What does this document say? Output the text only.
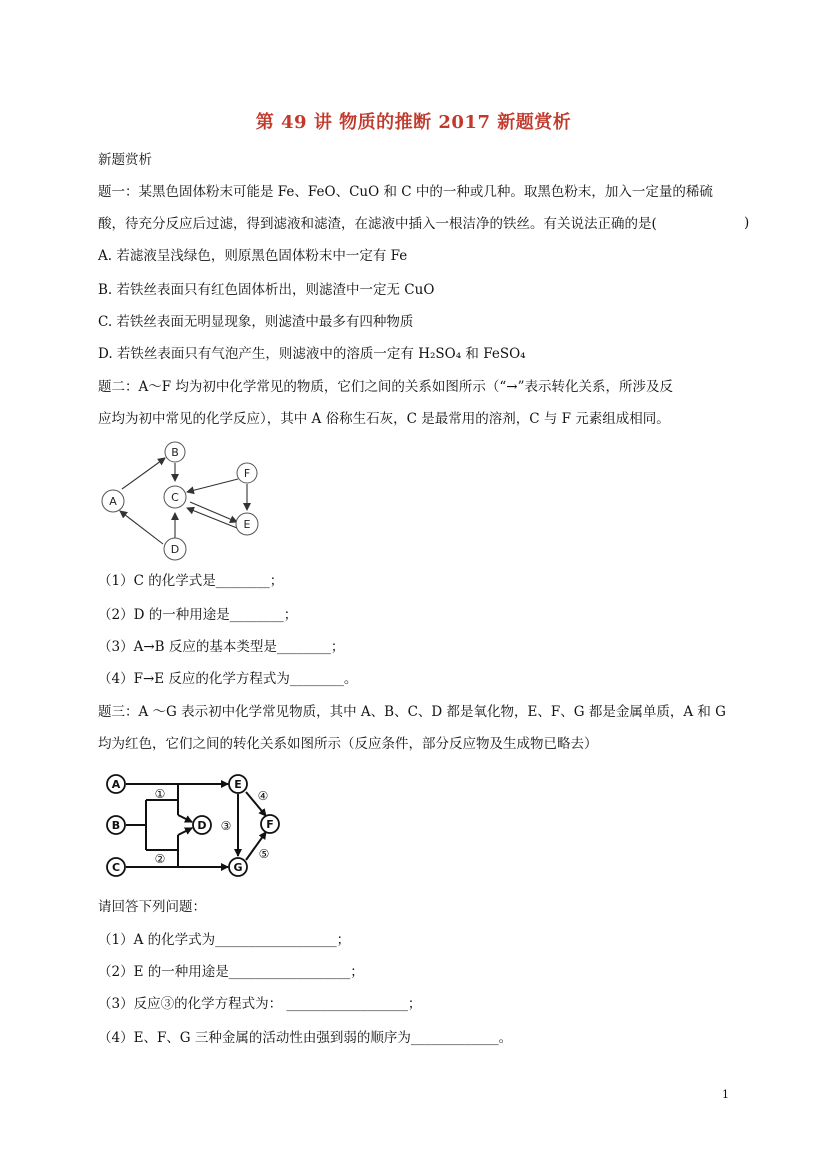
第 49 讲 物质的推断 2017 新题赏析
新题赏析
题一：某黑色固体粉末可能是 Fe、FeO、CuO 和 C 中的一种或几种。取黑色粉末，加入一定量的稀硫
酸，待充分反应后过滤，得到滤液和滤渣，在滤液中插入一根洁净的铁丝。有关说法正确的是(	)
A. 若滤液呈浅绿色，则原黑色固体粉末中一定有 Fe
B. 若铁丝表面只有红色固体析出，则滤渣中一定无 CuO
C. 若铁丝表面无明显现象，则滤渣中最多有四种物质
D. 若铁丝表面只有气泡产生，则滤液中的溶质一定有 H₂SO₄ 和 FeSO₄
题二：A～F 均为初中化学常见的物质，它们之间的关系如图所示（“→”表示转化关系，所涉及反
应均为初中常见的化学反应），其中 A 俗称生石灰，C 是最常用的溶剂，C 与 F 元素组成相同。
B
C
A
F
E
D
（1）C 的化学式是________；
（2）D 的一种用途是________；
（3）A→B 反应的基本类型是________；
（4）F→E 反应的化学方程式为________。
题三：A ～G 表示初中化学常见物质，其中 A、B、C、D 都是氧化物，E、F、G 都是金属单质，A 和 G
均为红色，它们之间的转化关系如图所示（反应条件，部分反应物及生成物已略去）
A
B
C
D
E
G
F
①
②
③
④
⑤
请回答下列问题：
（1）A 的化学式为__________________；
（2）E 的一种用途是__________________；
（3）反应③的化学方程式为： __________________；
（4）E、F、G 三种金属的活动性由强到弱的顺序为_____________。
1
